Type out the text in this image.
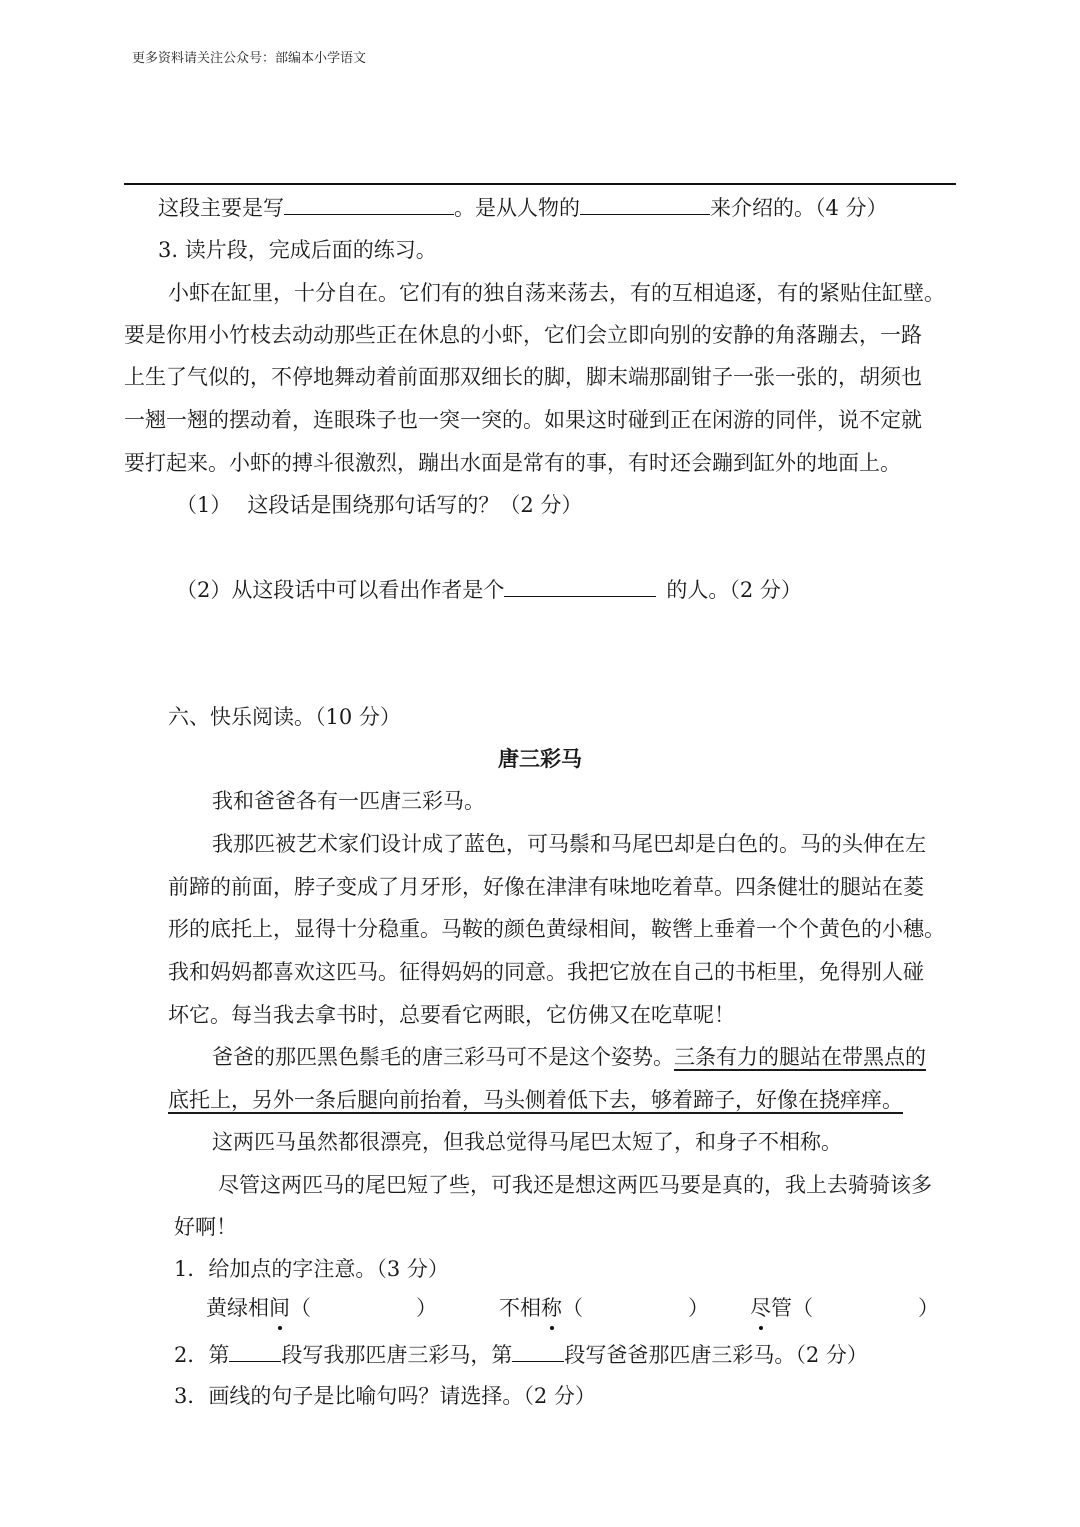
更多资料请关注公众号：部编本小学语文
这段主要是写	。是从人物的	来介绍的。（4 分）
3. 读片段，完成后面的练习。
小虾在缸里，十分自在。它们有的独自荡来荡去，有的互相追逐，有的紧贴住缸壁。
要是你用小竹枝去动动那些正在休息的小虾，它们会立即向别的安静的角落蹦去，一路
上生了气似的，不停地舞动着前面那双细长的脚，脚末端那副钳子一张一张的，胡须也
一翘一翘的摆动着，连眼珠子也一突一突的。如果这时碰到正在闲游的同伴，说不定就
要打起来。小虾的搏斗很激烈，蹦出水面是常有的事，有时还会蹦到缸外的地面上。
（1） 这段话是围绕那句话写的？（2 分）
（2）从这段话中可以看出作者是个	的人。（2 分）
六、快乐阅读。（10 分）
唐三彩马
我和爸爸各有一匹唐三彩马。
我那匹被艺术家们设计成了蓝色，可马鬃和马尾巴却是白色的。马的头伸在左
前蹄的前面，脖子变成了月牙形，好像在津津有味地吃着草。四条健壮的腿站在菱
形的底托上，显得十分稳重。马鞍的颜色黄绿相间，鞍辔上垂着一个个黄色的小穗。
我和妈妈都喜欢这匹马。征得妈妈的同意。我把它放在自己的书柜里，免得别人碰
坏它。每当我去拿书时，总要看它两眼，它仿佛又在吃草呢！
爸爸的那匹黑色鬃毛的唐三彩马可不是这个姿势。三条有力的腿站在带黑点的
底托上，另外一条后腿向前抬着，马头侧着低下去，够着蹄子，好像在挠痒痒。
这两匹马虽然都很漂亮，但我总觉得马尾巴太短了，和身子不相称。
尽管这两匹马的尾巴短了些，可我还是想这两匹马要是真的，我上去骑骑该多
好啊！
1．给加点的字注意。（3 分）
黄绿相间（　　　　　）	不相称（　　　　　） 尽管（　　　　　）
2．第 段写我那匹唐三彩马，第 段写爸爸那匹唐三彩马。（2 分）
3．画线的句子是比喻句吗？请选择。（2 分）
